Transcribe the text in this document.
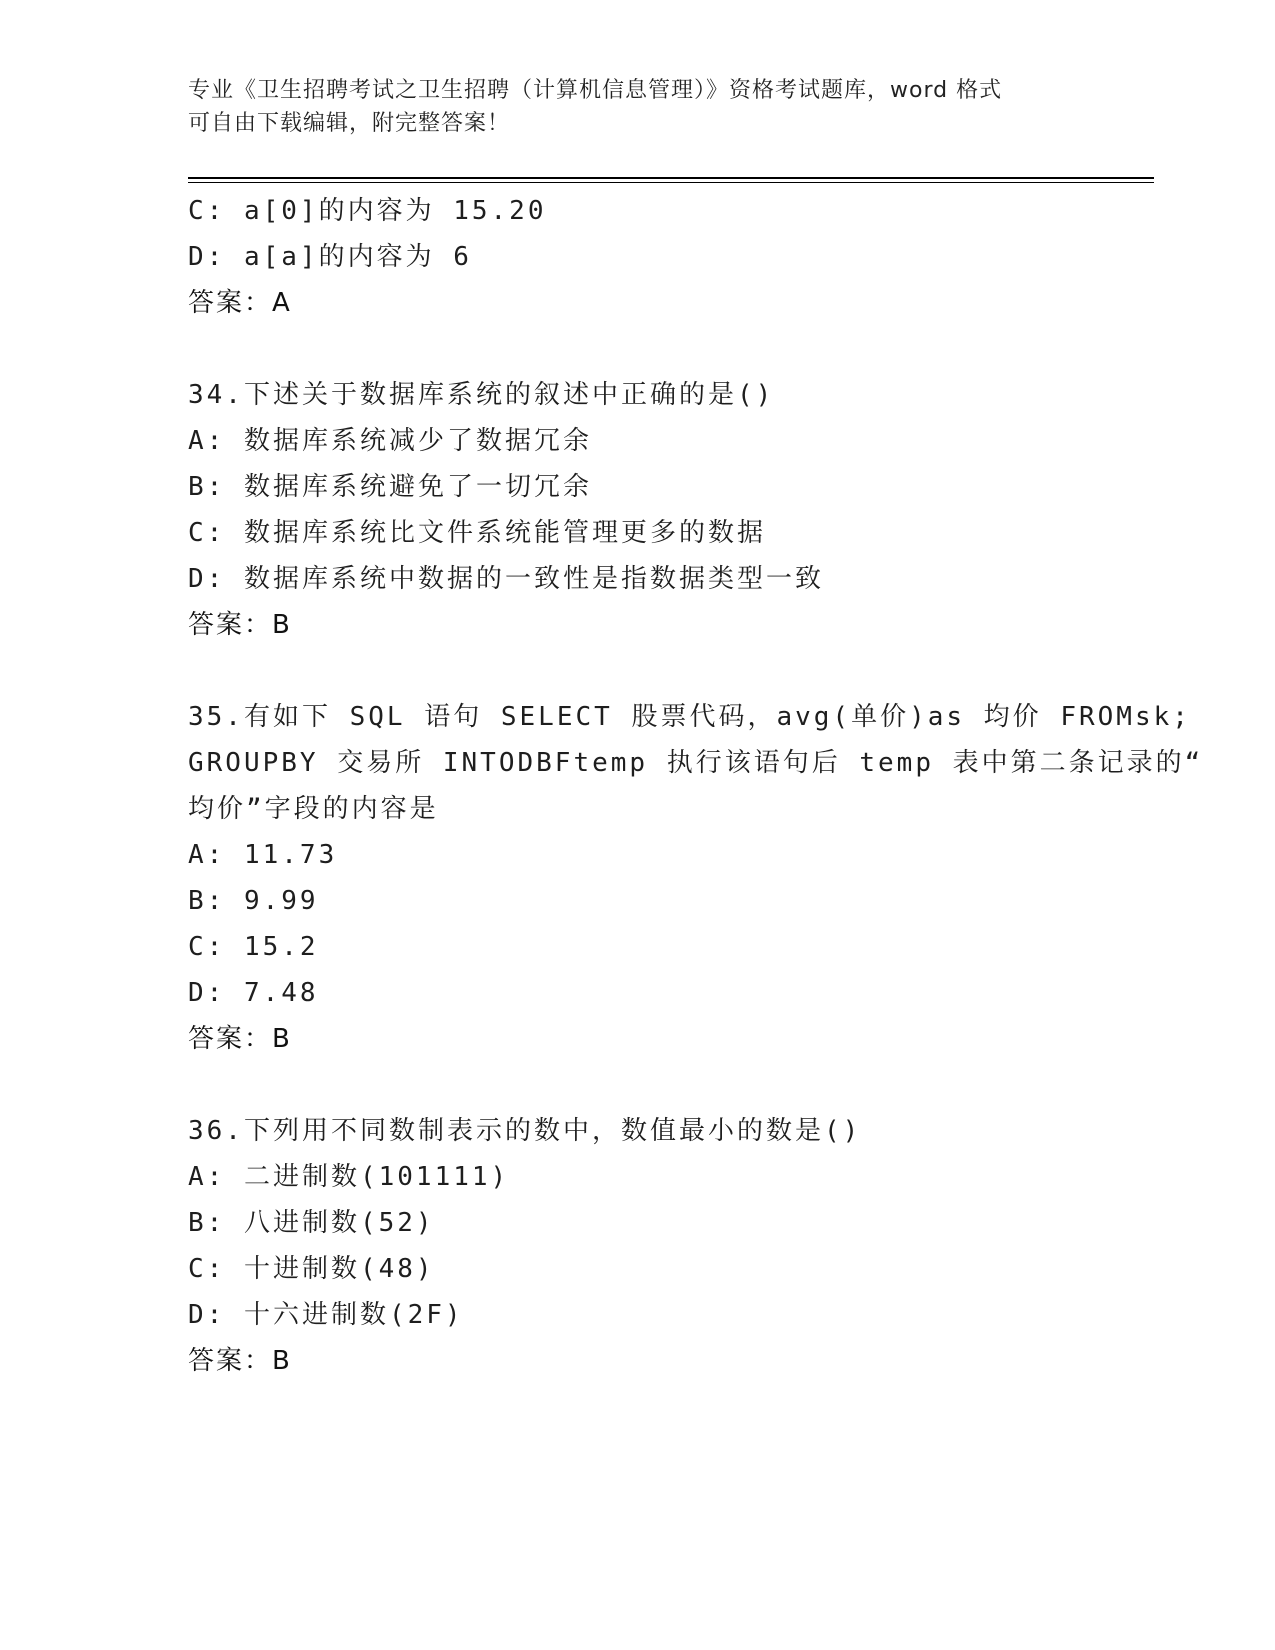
专业《卫生招聘考试之卫生招聘（计算机信息管理）》资格考试题库，word 格式
可自由下载编辑，附完整答案！
C: a[0]的内容为 15.20
D: a[a]的内容为 6
答案：A
34.下述关于数据库系统的叙述中正确的是()
A: 数据库系统减少了数据冗余
B: 数据库系统避免了一切冗余
C: 数据库系统比文件系统能管理更多的数据
D: 数据库系统中数据的一致性是指数据类型一致
答案：B
35.有如下 SQL 语句 SELECT 股票代码，avg(单价)as 均价 FROMsk;
GROUPBY 交易所 INTODBFtemp 执行该语句后 temp 表中第二条记录的“
均价”字段的内容是
A: 11.73
B: 9.99
C: 15.2
D: 7.48
答案：B
36.下列用不同数制表示的数中，数值最小的数是()
A: 二进制数(101111)
B: 八进制数(52)
C: 十进制数(48)
D: 十六进制数(2F)
答案：B
